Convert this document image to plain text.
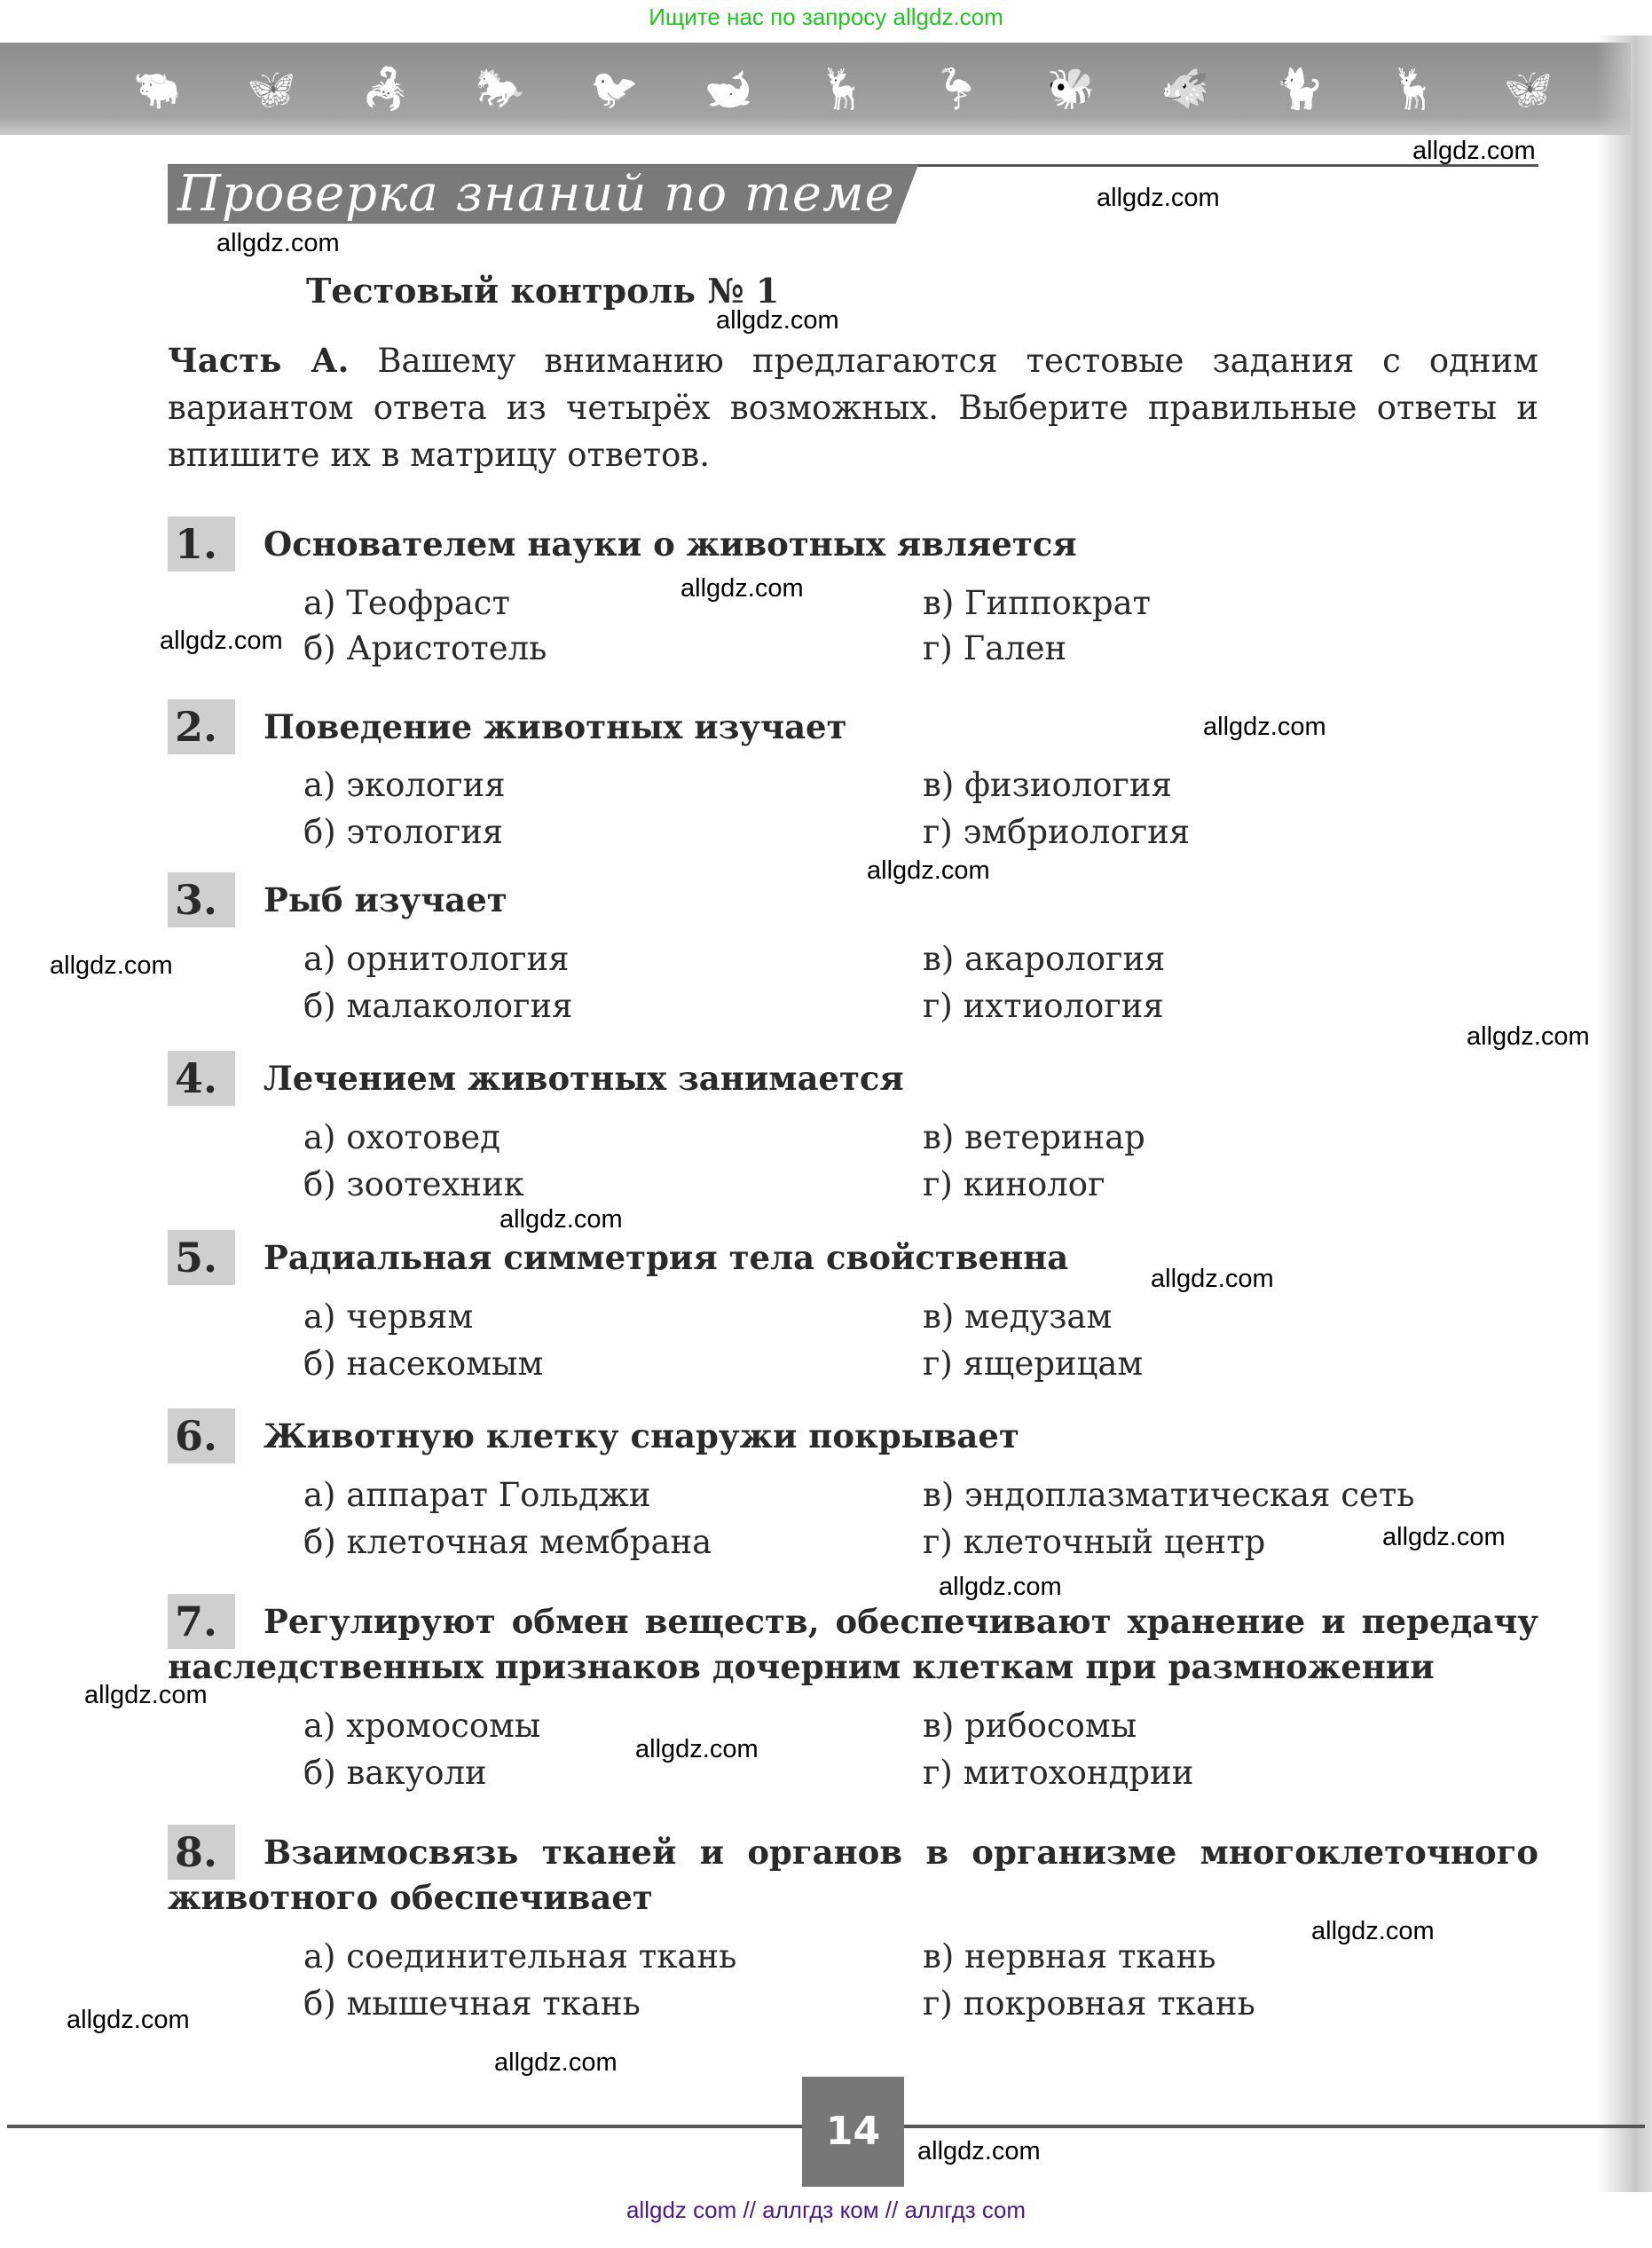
Ищите нас по запросу allgdz.com
🐃 🦋 🦂 🐎 🐦 🐋 🦌 🦩 🐝 🐗 🐈 🦌 🦋
Проверка знаний по теме
Тестовый контроль № 1
Часть А. Вашему вниманию предлагаются тестовые задания с одним вариантом ответа из четырёх возможных. Выберите правильные ответы и впишите их в матрицу ответов.
1.	Основателем науки о животных является
а) Теофраст	в) Гиппократ
б) Аристотель	г) Гален
2.	Поведение животных изучает
а) экология	в) физиология
б) этология	г) эмбриология
3.	Рыб изучает
а) орнитология	в) акарология
б) малакология	г) ихтиология
4.	Лечением животных занимается
а) охотовед	в) ветеринар
б) зоотехник	г) кинолог
5.	Радиальная симметрия тела свойственна
а) червям	в) медузам
б) насекомым	г) ящерицам
6.	Животную клетку снаружи покрывает
а) аппарат Гольджи	в) эндоплазматическая сеть
б) клеточная мембрана	г) клеточный центр
7.	Регулируют обмен веществ, обеспечивают хранение и передачу наследственных признаков дочерним клеткам при размножении
а) хромосомы	в) рибосомы
б) вакуоли	г) митохондрии
8.	Взаимосвязь тканей и органов в организме многоклеточного животного обеспечивает
а) соединительная ткань	в) нервная ткань
б) мышечная ткань	г) покровная ткань
allgdz.com
allgdz.com
allgdz.com
allgdz.com
allgdz.com
allgdz.com
allgdz.com
allgdz.com
allgdz.com
allgdz.com
allgdz.com
allgdz.com
allgdz.com
allgdz.com
allgdz.com
allgdz.com
allgdz.com
allgdz.com
allgdz.com
allgdz.com
14
allgdz com // аллгдз ком // аллгдз com
